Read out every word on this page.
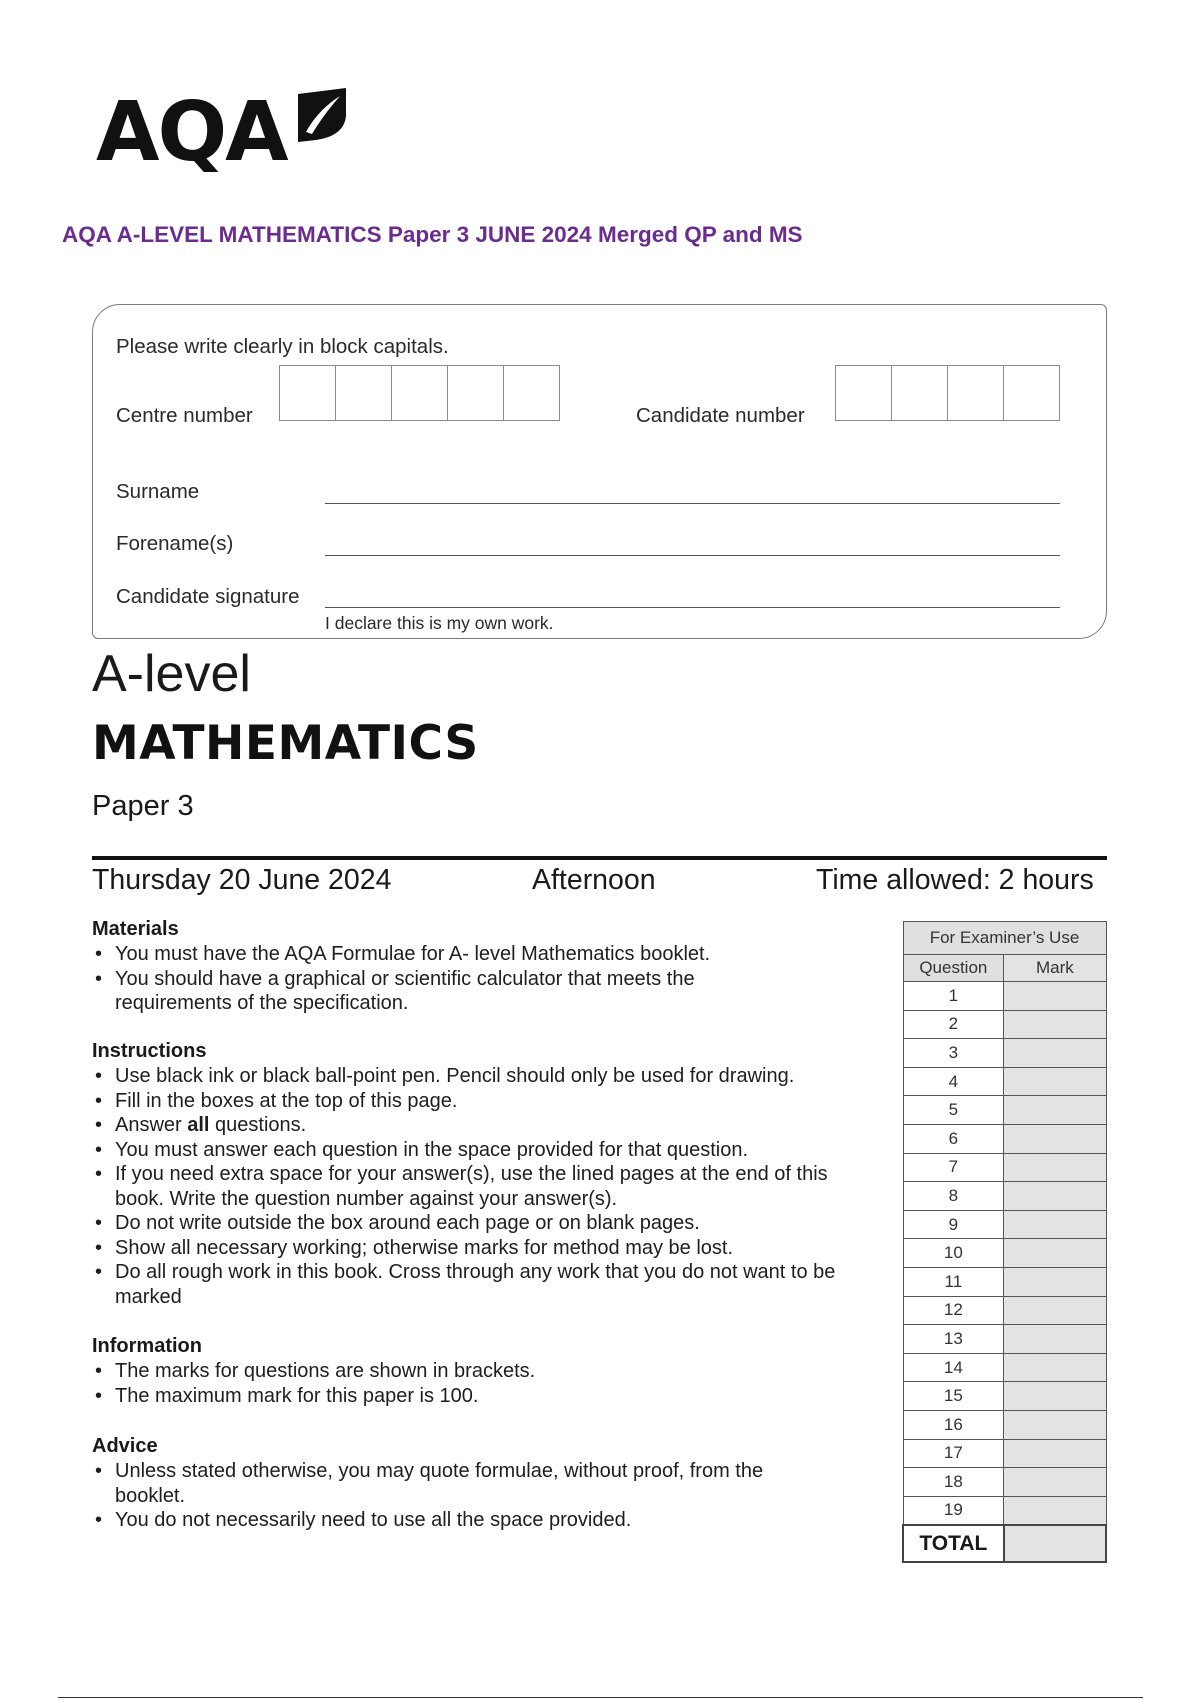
AQA
AQA A-LEVEL MATHEMATICS Paper 3 JUNE 2024 Merged QP and MS
Please write clearly in block capitals.
Centre number	Candidate number
Surname
Forename(s)
Candidate signature
I declare this is my own work.
A-level
MATHEMATICS
Paper 3
Thursday 20 June 2024	Afternoon	Time allowed: 2 hours
Materials
• You must have the AQA Formulae for A- level Mathematics booklet.
• You should have a graphical or scientific calculator that meets the requirements of the specification.
Instructions
• Use black ink or black ball-point pen. Pencil should only be used for drawing.
• Fill in the boxes at the top of this page.
• Answer all questions.
• You must answer each question in the space provided for that question.
• If you need extra space for your answer(s), use the lined pages at the end of this book. Write the question number against your answer(s).
• Do not write outside the box around each page or on blank pages.
• Show all necessary working; otherwise marks for method may be lost.
• Do all rough work in this book. Cross through any work that you do not want to be marked
Information
• The marks for questions are shown in brackets.
• The maximum mark for this paper is 100.
Advice
• Unless stated otherwise, you may quote formulae, without proof, from the booklet.
• You do not necessarily need to use all the space provided.
For Examiner’s Use	
Question	Mark
1	
2	
3	
4	
5	
6	
7	
8	
9	
10	
11	
12	
13	
14	
15	
16	
17	
18	
19	
TOTAL	
